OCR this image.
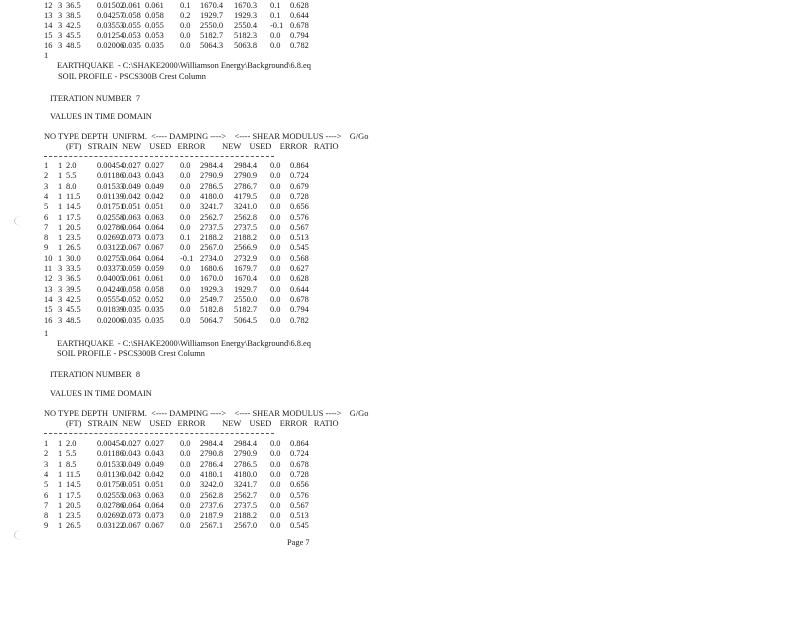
12 3 36.5 0.01502
0.061 0.061 0.1 1670.4 1670.3 0.1 0.628
13 3 38.5 0.04257
0.058 0.058 0.2 1929.7 1929.3 0.1 0.644
14 3 42.5 0.03553
0.055 0.055 0.0 2550.0 2550.4 -0.1 0.678
15 3 45.5 0.01254
0.053 0.053 0.0 5182.7 5182.3 0.0 0.794
16 3 48.5 0.02006
0.035 0.035 0.0 5064.3 5063.8 0.0 0.782
1
EARTHQUAKE  - C:\SHAKE2000\Williamson Energy\Background\6.8.eq
SOIL PROFILE - PSCS300B Crest Column
ITERATION NUMBER  7
VALUES IN TIME DOMAIN
NO TYPE DEPTH  UNIFRM.  <---- DAMPING ---->    <---- SHEAR MODULUS ---->    G/Go
(FT)   STRAIN  NEW    USED   ERROR        NEW    USED    ERROR   RATIO
1 1 2.0 0.00454
0.027 0.027 0.0 2984.4 2984.4 0.0 0.864
2 1 5.5 0.01186
0.043 0.043 0.0 2790.9 2790.9 0.0 0.724
3 1 8.0 0.01533
0.049 0.049 0.0 2786.5 2786.7 0.0 0.679
4 1 11.5 0.01139
0.042 0.042 0.0 4180.0 4179.5 0.0 0.728
5 1 14.5 0.01751
0.051 0.051 0.0 3241.7 3241.0 0.0 0.656
6 1 17.5 0.02558
0.063 0.063 0.0 2562.7 2562.8 0.0 0.576
7 1 20.5 0.02786
0.064 0.064 0.0 2737.5 2737.5 0.0 0.567
8 1 23.5 0.02692
0.073 0.073 0.1 2188.2 2188.2 0.0 0.513
9 1 26.5 0.03122
0.067 0.067 0.0 2567.0 2566.9 0.0 0.545
10 1 30.0 0.02755
0.064 0.064 -0.1 2734.0 2732.9 0.0 0.568
11 3 33.5 0.03373
0.059 0.059 0.0 1680.6 1679.7 0.0 0.627
12 3 36.5 0.04005
0.061 0.061 0.0 1670.0 1670.4 0.0 0.628
13 3 39.5 0.04240
0.058 0.058 0.0 1929.3 1929.7 0.0 0.644
14 3 42.5 0.05554
0.052 0.052 0.0 2549.7 2550.0 0.0 0.678
15 3 45.5 0.01839
0.035 0.035 0.0 5182.8 5182.7 0.0 0.794
16 3 48.5 0.02006
0.035 0.035 0.0 5064.7 5064.5 0.0 0.782
1
EARTHQUAKE  - C:\SHAKE2000\Williamson Energy\Background\6.8.eq
SOIL PROFILE - PSCS300B Crest Column
ITERATION NUMBER  8
VALUES IN TIME DOMAIN
NO TYPE DEPTH  UNIFRM.  <---- DAMPING ---->    <---- SHEAR MODULUS ---->    G/Go
(FT)   STRAIN  NEW    USED   ERROR        NEW    USED    ERROR   RATIO
1 1 2.0 0.00454
0.027 0.027 0.0 2984.4 2984.4 0.0 0.864
2 1 5.5 0.01186
0.043 0.043 0.0 2790.8 2790.9 0.0 0.724
3 1 8.5 0.01533
0.049 0.049 0.0 2786.4 2786.5 0.0 0.678
4 1 11.5 0.01136
0.042 0.042 0.0 4180.1 4180.0 0.0 0.728
5 1 14.5 0.01750
0.051 0.051 0.0 3242.0 3241.7 0.0 0.656
6 1 17.5 0.02555
0.063 0.063 0.0 2562.8 2562.7 0.0 0.576
7 1 20.5 0.02786
0.064 0.064 0.0 2737.6 2737.5 0.0 0.567
8 1 23.5 0.02692
0.073 0.073 0.0 2187.9 2188.2 0.0 0.513
9 1 26.5 0.03122
0.067 0.067 0.0 2567.1 2567.0 0.0 0.545
Page 7
